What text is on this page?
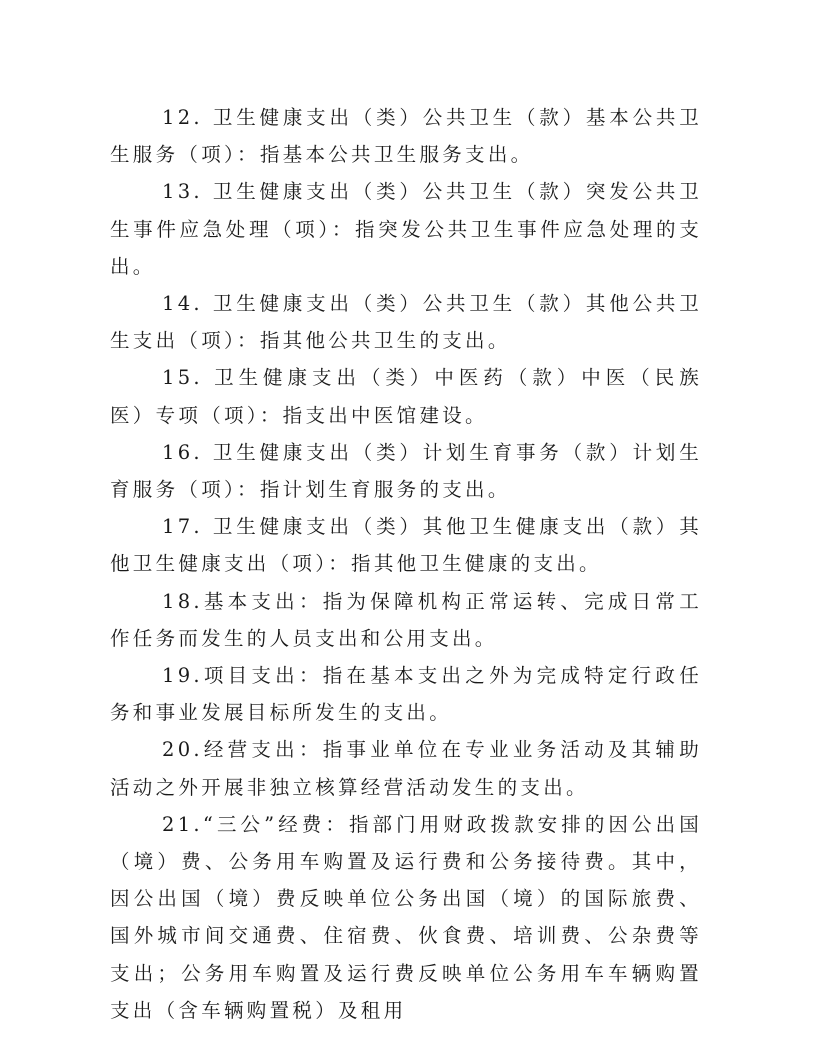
12. 卫生健康支出（类）公共卫生（款）基本公共卫生服务（项）：指基本公共卫生服务支出。

13. 卫生健康支出（类）公共卫生（款）突发公共卫生事件应急处理（项）：指突发公共卫生事件应急处理的支出。

14. 卫生健康支出（类）公共卫生（款）其他公共卫生支出（项）：指其他公共卫生的支出。

15. 卫生健康支出（类）中医药（款）中医（民族医）专项（项）：指支出中医馆建设。

16. 卫生健康支出（类）计划生育事务（款）计划生育服务（项）：指计划生育服务的支出。

17. 卫生健康支出（类）其他卫生健康支出（款）其他卫生健康支出（项）：指其他卫生健康的支出。

18.基本支出：指为保障机构正常运转、完成日常工作任务而发生的人员支出和公用支出。

19.项目支出：指在基本支出之外为完成特定行政任务和事业发展目标所发生的支出。

20.经营支出：指事业单位在专业业务活动及其辅助活动之外开展非独立核算经营活动发生的支出。

21.“三公”经费：指部门用财政拨款安排的因公出国（境）费、公务用车购置及运行费和公务接待费。其中，因公出国（境）费反映单位公务出国（境）的国际旅费、国外城市间交通费、住宿费、伙食费、培训费、公杂费等支出；公务用车购置及运行费反映单位公务用车车辆购置支出（含车辆购置税）及租用
